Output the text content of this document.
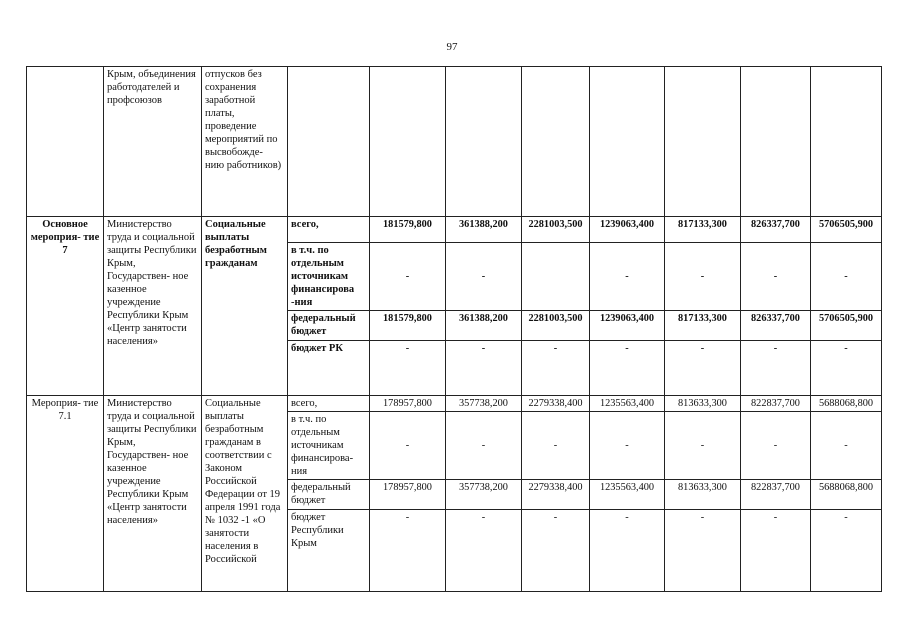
97
	Крым, объединения работодателей и профсоюзов	отпусков без сохранения заработной платы, проведение мероприятий по высвобожде- нию работников)								
Основное мероприя- тие 7	Министерство труда и социальной защиты Республики Крым, Государствен- ное казенное учреждение Республики Крым «Центр занятости населения»	Социальные выплаты безработным гражданам	всего,	181579,800	361388,200	2281003,500	1239063,400	817133,300	826337,700	5706505,900
			в т.ч. по отдельным источникам финансирова -ния	-	-		-	-	-	-
			федеральный бюджет	181579,800	361388,200	2281003,500	1239063,400	817133,300	826337,700	5706505,900
			бюджет РК	-	-	-	-	-	-	-
Мероприя- тие 7.1	Министерство труда и социальной защиты Республики Крым, Государствен- ное казенное учреждение Республики Крым «Центр занятости населения»	Социальные выплаты безработным гражданам в соответствии с Законом Российской Федерации от 19 апреля 1991 года № 1032 -1 «О занятости населения в Российской	всего,	178957,800	357738,200	2279338,400	1235563,400	813633,300	822837,700	5688068,800
			в т.ч. по отдельным источникам финансирова- ния	-	-	-	-	-	-	-
			федеральный бюджет	178957,800	357738,200	2279338,400	1235563,400	813633,300	822837,700	5688068,800
			бюджет Республики Крым	-	-	-	-	-	-	-
